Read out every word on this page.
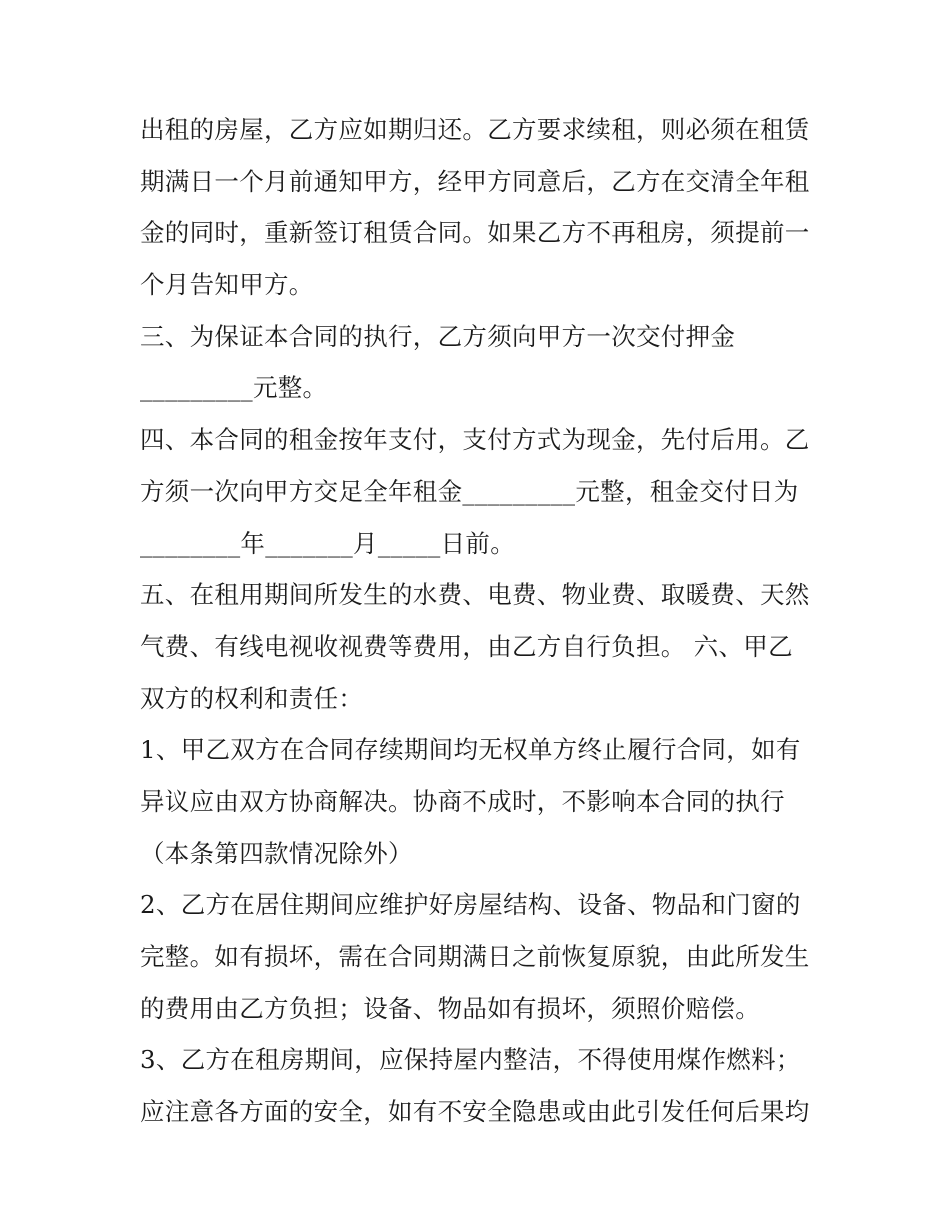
出租的房屋，乙方应如期归还。乙方要求续租，则必须在租赁
期满日一个月前通知甲方，经甲方同意后，乙方在交清全年租
金的同时，重新签订租赁合同。如果乙方不再租房，须提前一
个月告知甲方。
三、为保证本合同的执行，乙方须向甲方一次交付押金
_________元整。
四、本合同的租金按年支付，支付方式为现金，先付后用。乙
方须一次向甲方交足全年租金_________元整，租金交付日为
________年_______月_____日前。
五、在租用期间所发生的水费、电费、物业费、取暖费、天然
气费、有线电视收视费等费用，由乙方自行负担。 六、甲乙
双方的权利和责任：
1、甲乙双方在合同存续期间均无权单方终止履行合同，如有
异议应由双方协商解决。协商不成时，不影响本合同的执行
（本条第四款情况除外）
2、乙方在居住期间应维护好房屋结构、设备、物品和门窗的
完整。如有损坏，需在合同期满日之前恢复原貌，由此所发生
的费用由乙方负担；设备、物品如有损坏，须照价赔偿。
3、乙方在租房期间，应保持屋内整洁，不得使用煤作燃料；
应注意各方面的安全，如有不安全隐患或由此引发任何后果均
